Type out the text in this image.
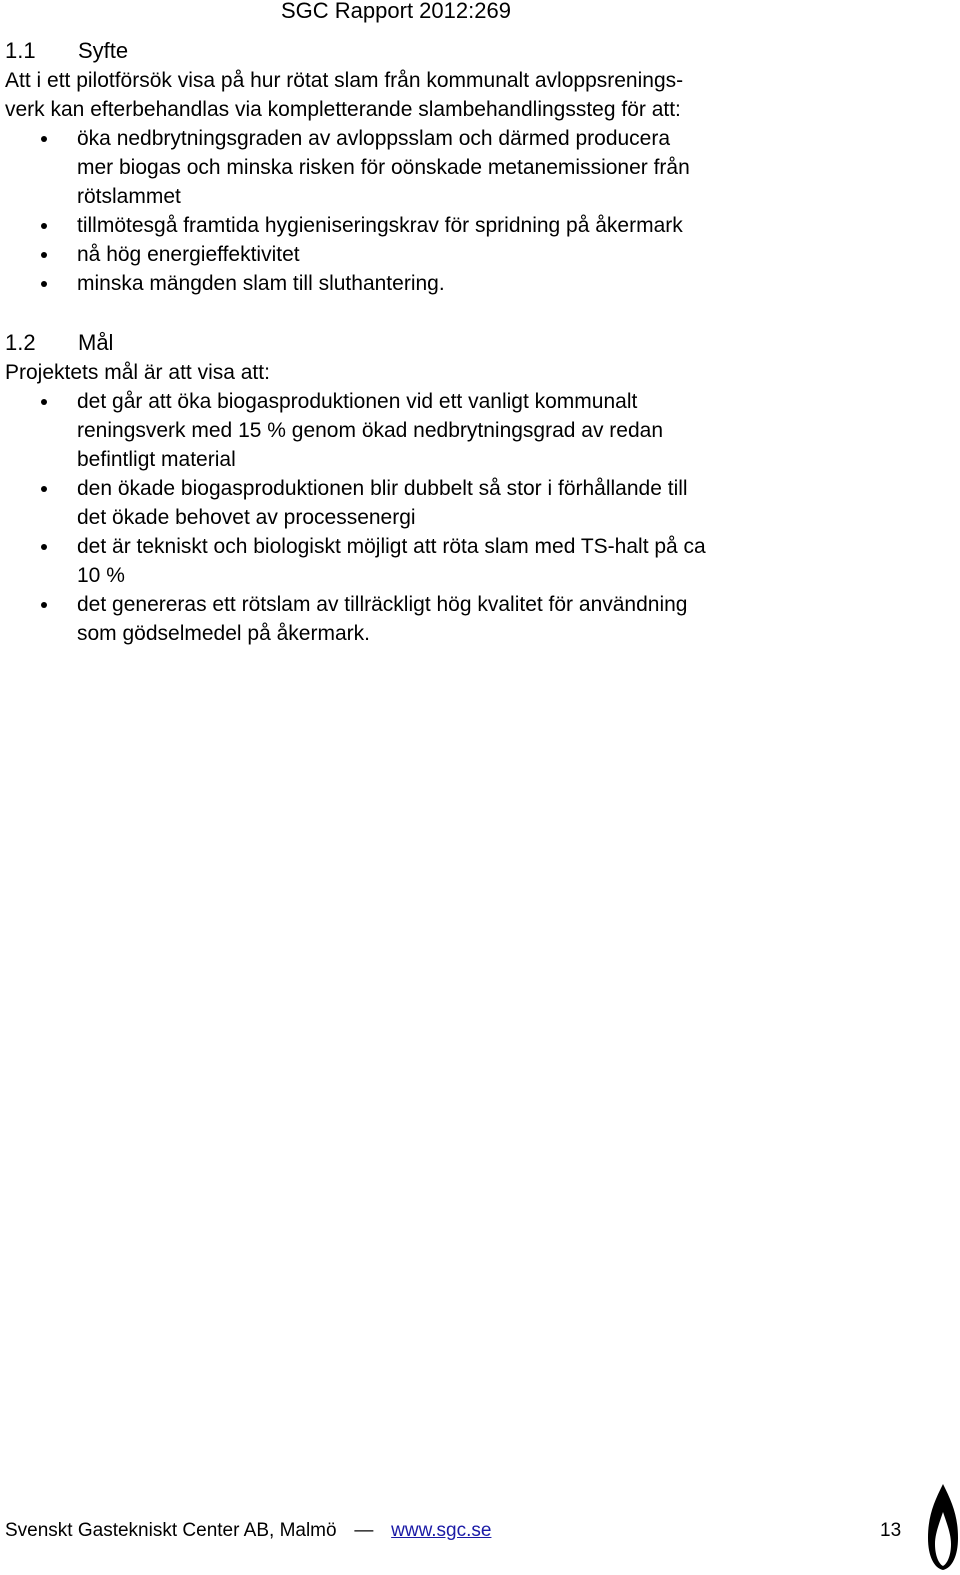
SGC Rapport 2012:269
1.1 Syfte

Att i ett pilotförsök visa på hur rötat slam från kommunalt avloppsrenings-
verk kan efterbehandlas via kompletterande slambehandlingssteg för att:

öka nedbrytningsgraden av avloppsslam och därmed producera
mer biogas och minska risken för oönskade metanemissioner från
rötslammet
tillmötesgå framtida hygieniseringskrav för spridning på åkermark
nå hög energieffektivitet
minska mängden slam till sluthantering.
1.2 Mål

Projektets mål är att visa att:

det går att öka biogasproduktionen vid ett vanligt kommunalt
reningsverk med 15 % genom ökad nedbrytningsgrad av redan
befintligt material
den ökade biogasproduktionen blir dubbelt så stor i förhållande till
det ökade behovet av processenergi
det är tekniskt och biologiskt möjligt att röta slam med TS-halt på ca
10 %
det genereras ett rötslam av tillräckligt hög kvalitet för användning
som gödselmedel på åkermark.
Svenskt Gastekniskt Center AB, Malmö — www.sgc.se	13
